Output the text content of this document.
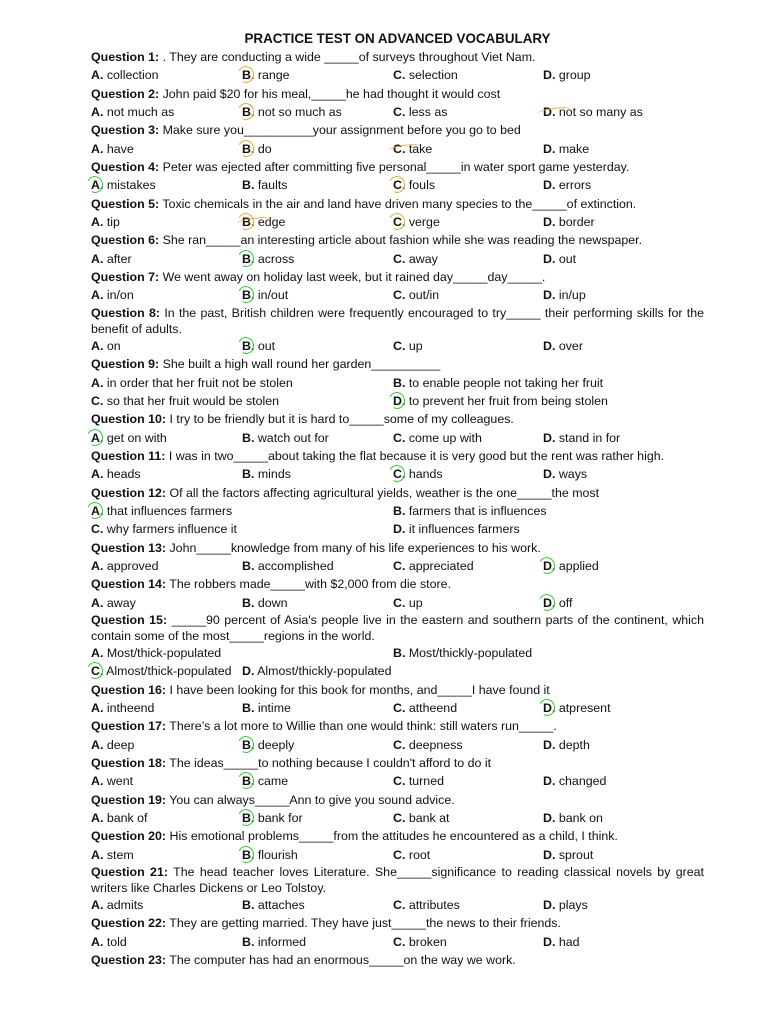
PRACTICE TEST ON ADVANCED VOCABULARY
Question 1: . They are conducting a wide _____of surveys throughout Viet Nam.
A. collection	B. range	C. selection	D. group
Question 2: John paid $20 for his meal,_____he had thought it would cost
A. not much as	B. not so much as	C. less as	D. not so many as
Question 3: Make sure you__________your assignment before you go to bed
A. have	B. do	C. take	D. make
Question 4: Peter was ejected after committing five personal_____in water sport game yesterday.
A. mistakes	B. faults	C. fouls	D. errors
Question 5: Toxic chemicals in the air and land have driven many species to the_____of extinction.
A. tip	B. edge	C. verge	D. border
Question 6: She ran_____an interesting article about fashion while she was reading the newspaper.
A. after	B. across	C. away	D. out
Question 7: We went away on holiday last week, but it rained day_____day_____.
A. in/on	B. in/out	C. out/in	D. in/up
Question 8: In the past, British children were frequently encouraged to try_____ their performing skills for the benefit of adults.
A. on	B. out	C. up	D. over
Question 9: She built a high wall round her garden__________
A. in order that her fruit not be stolen	B. to enable people not taking her fruit
C. so that her fruit would be stolen	D. to prevent her fruit from being stolen
Question 10: I try to be friendly but it is hard to_____some of my colleagues.
A. get on with	B. watch out for	C. come up with	D. stand in for
Question 11: I was in two_____about taking the flat because it is very good but the rent was rather high.
A. heads	B. minds	C. hands	D. ways
Question 12: Of all the factors affecting agricultural yields, weather is the one_____the most
A. that influences farmers	B. farmers that is influences
C. why farmers influence it	D. it influences farmers
Question 13: John_____knowledge from many of his life experiences to his work.
A. approved	B. accomplished	C. appreciated	D. applied
Question 14: The robbers made_____with $2,000 from die store.
A. away	B. down	C. up	D. off
Question 15: _____90 percent of Asia's people live in the eastern and southern parts of the continent, which contain some of the most_____regions in the world.
A. Most/thick-populated	B. Most/thickly-populated
C. Almost/thick-populated D. Almost/thickly-populated
Question 16: I have been looking for this book for months, and_____I have found it
A. intheend	B. intime	C. attheend	D. atpresent
Question 17: There’s a lot more to Willie than one would think: still waters run_____.
A. deep	B. deeply	C. deepness	D. depth
Question 18: The ideas_____to nothing because I couldn't afford to do it
A. went	B. came	C. turned	D. changed
Question 19: You can always_____Ann to give you sound advice.
A. bank of	B. bank for	C. bank at	D. bank on
Question 20: His emotional problems_____from the attitudes he encountered as a child, I think.
A. stem	B. flourish	C. root	D. sprout
Question 21: The head teacher loves Literature. She_____significance to reading classical novels by great writers like Charles Dickens or Leo Tolstoy.
A. admits	B. attaches	C. attributes	D. plays
Question 22: They are getting married. They have just_____the news to their friends.
A. told	B. informed	C. broken	D. had
Question 23: The computer has had an enormous_____on the way we work.
